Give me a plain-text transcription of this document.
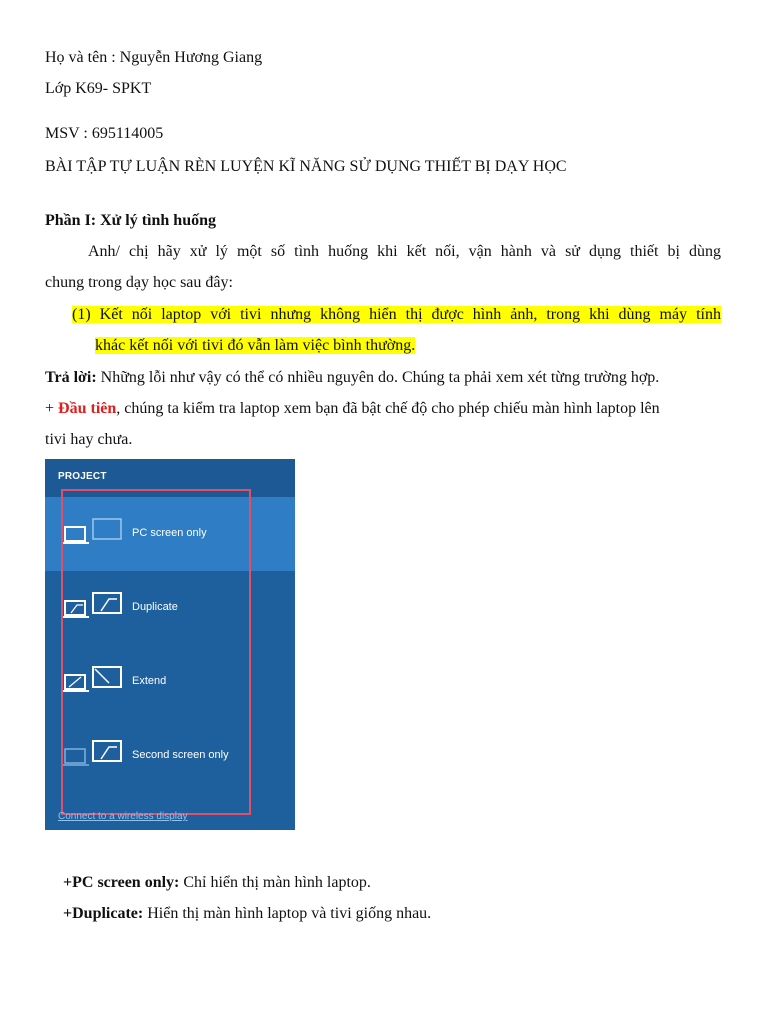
Họ và tên : Nguyễn Hương Giang
Lớp K69- SPKT
MSV : 695114005
BÀI TẬP TỰ LUẬN RÈN LUYỆN KĨ NĂNG SỬ DỤNG THIẾT BỊ DẠY HỌC
Phần I: Xử lý tình huống
Anh/ chị hãy xử lý một số tình huống khi kết nối, vận hành và sử dụng thiết bị dùng
chung trong dạy học sau đây:
(1) Kết nối laptop với tivi nhưng không hiển thị được hình ảnh, trong khi dùng máy tính
khác kết nối với tivi đó vẫn làm việc bình thường.
Trả lời: Những lỗi như vậy có thể có nhiều nguyên do. Chúng ta phải xem xét từng trường hợp.
+ Đầu tiên, chúng ta kiểm tra laptop xem bạn đã bật chế độ cho phép chiếu màn hình laptop lên
tivi hay chưa.
PROJECT
PC screen only
Duplicate
Extend
Second screen only
Connect to a wireless display
+PC screen only: Chỉ hiển thị màn hình laptop.
+Duplicate: Hiển thị màn hình laptop và tivi giống nhau.
